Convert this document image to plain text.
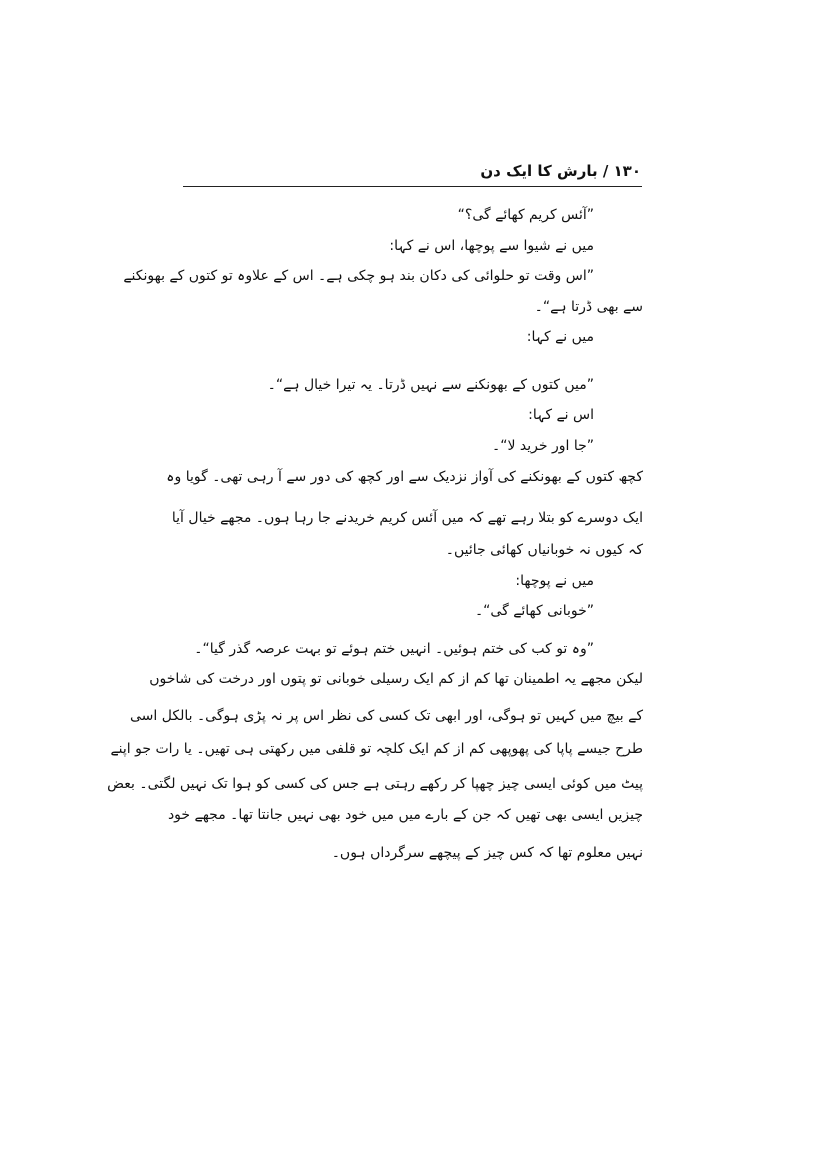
۱۳۰ / بارش کا ایک دن
”آئس کریم کھائے گی؟“
میں نے شیوا سے پوچھا، اس نے کہا:
”اس وقت تو حلوائی کی دکان بند ہو چکی ہے۔ اس کے علاوہ تو کتوں کے بھونکنے
سے بھی ڈرتا ہے“۔
میں نے کہا:
”میں کتوں کے بھونکنے سے نہیں ڈرتا۔ یہ تیرا خیال ہے“۔
اس نے کہا:
”جا اور خرید لا“۔
کچھ کتوں کے بھونکنے کی آواز نزدیک سے اور کچھ کی دور سے آ رہی تھی۔ گویا وہ
ایک دوسرے کو بتلا رہے تھے کہ میں آئس کریم خریدنے جا رہا ہوں۔ مجھے خیال آیا
کہ کیوں نہ خوبانیاں کھائی جائیں۔
میں نے پوچھا:
”خوبانی کھائے گی“۔
”وہ تو کب کی ختم ہوئیں۔ انہیں ختم ہوئے تو بہت عرصہ گذر گیا“۔
لیکن مجھے یہ اطمینان تھا کم از کم ایک رسیلی خوبانی تو پتوں اور درخت کی شاخوں
کے بیچ میں کہیں تو ہوگی، اور ابھی تک کسی کی نظر اس پر نہ پڑی ہوگی۔ بالکل اسی
طرح جیسے پاپا کی پھوپھی کم از کم ایک کلچہ تو قلفی میں رکھتی ہی تھیں۔ یا رات جو اپنے
پیٹ میں کوئی ایسی چیز چھپا کر رکھے رہتی ہے جس کی کسی کو ہوا تک نہیں لگتی۔ بعض
چیزیں ایسی بھی تھیں کہ جن کے بارے میں میں خود بھی نہیں جانتا تھا۔ مجھے خود
نہیں معلوم تھا کہ کس چیز کے پیچھے سرگرداں ہوں۔
